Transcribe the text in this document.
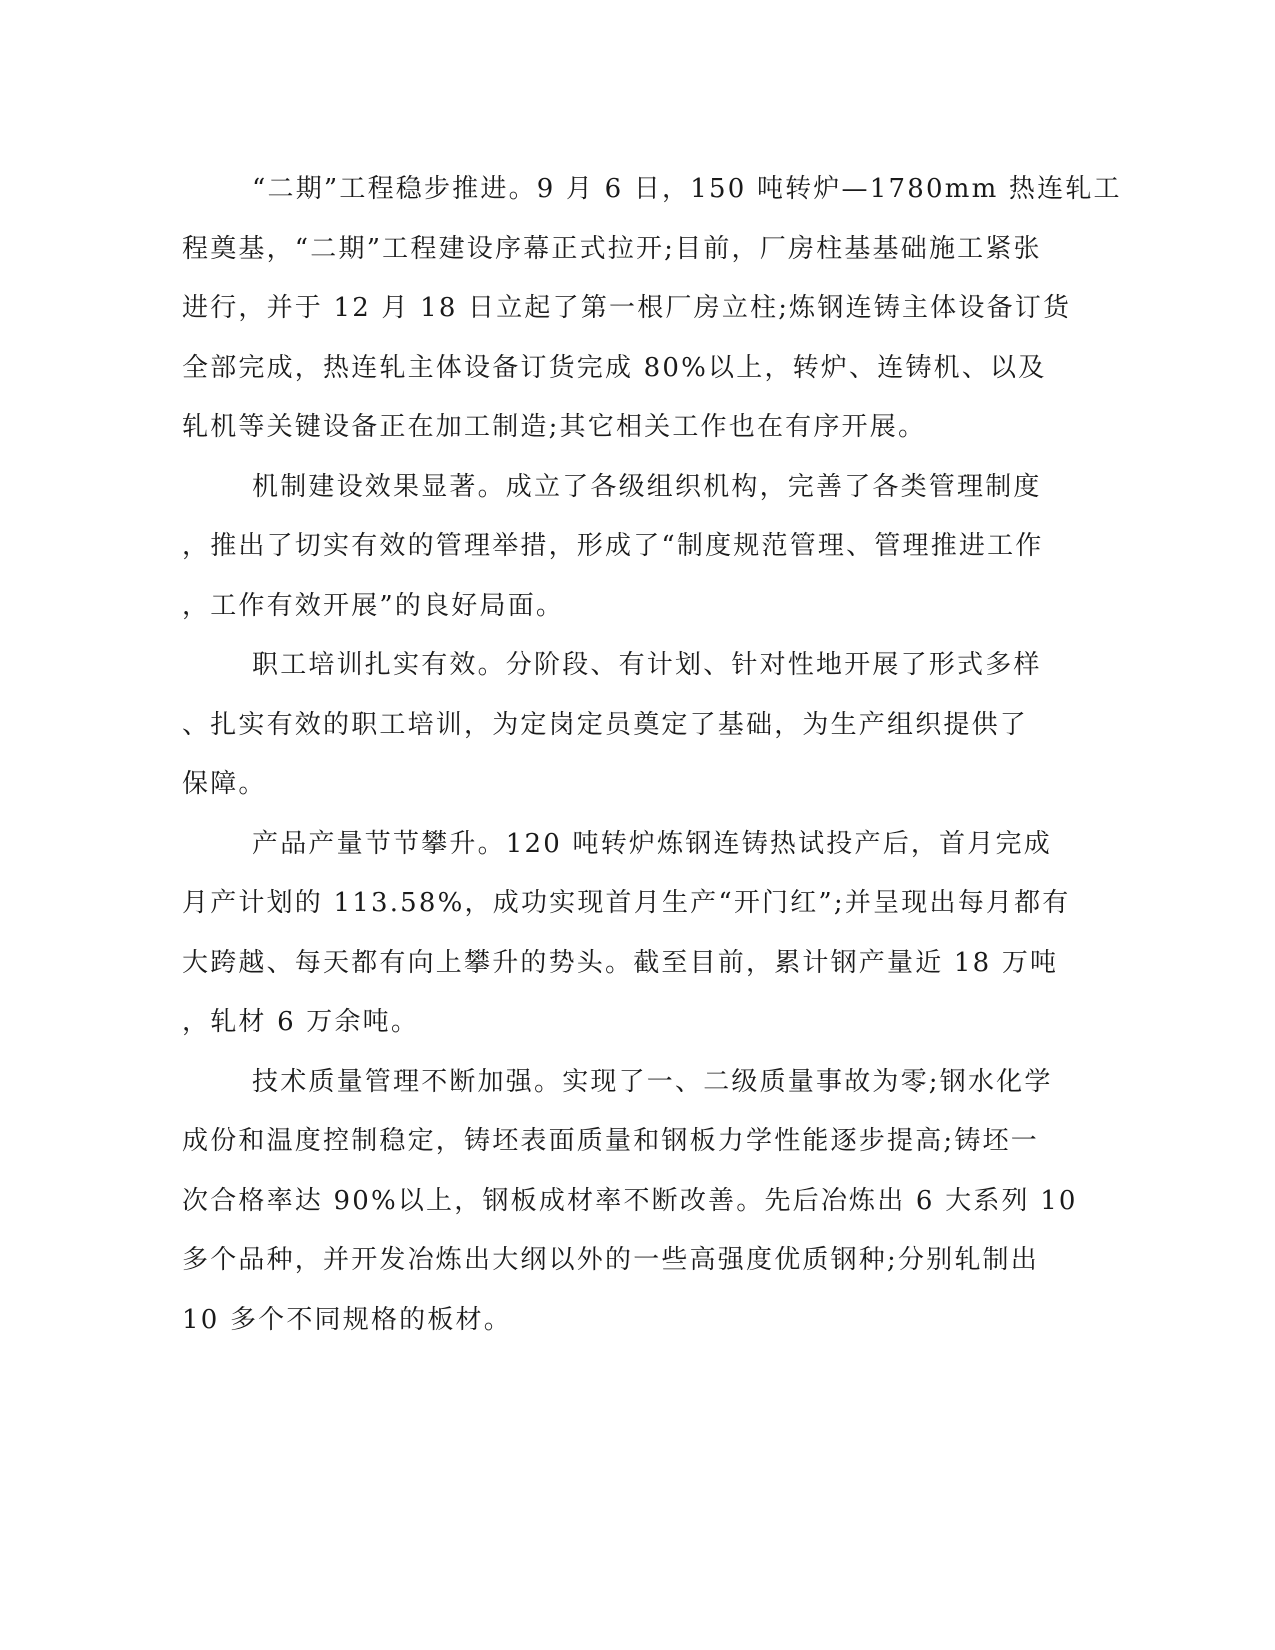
“二期”工程稳步推进。9 月 6 日，150 吨转炉—1780mm 热连轧工
程奠基，“二期”工程建设序幕正式拉开;目前，厂房柱基基础施工紧张
进行，并于 12 月 18 日立起了第一根厂房立柱;炼钢连铸主体设备订货
全部完成，热连轧主体设备订货完成 80%以上，转炉、连铸机、以及
轧机等关键设备正在加工制造;其它相关工作也在有序开展。
机制建设效果显著。成立了各级组织机构，完善了各类管理制度
，推出了切实有效的管理举措，形成了“制度规范管理、管理推进工作
，工作有效开展”的良好局面。
职工培训扎实有效。分阶段、有计划、针对性地开展了形式多样
、扎实有效的职工培训，为定岗定员奠定了基础，为生产组织提供了
保障。
产品产量节节攀升。120 吨转炉炼钢连铸热试投产后，首月完成
月产计划的 113.58%，成功实现首月生产“开门红”;并呈现出每月都有
大跨越、每天都有向上攀升的势头。截至目前，累计钢产量近 18 万吨
，轧材 6 万余吨。
技术质量管理不断加强。实现了一、二级质量事故为零;钢水化学
成份和温度控制稳定，铸坯表面质量和钢板力学性能逐步提高;铸坯一
次合格率达 90%以上，钢板成材率不断改善。先后冶炼出 6 大系列 10
多个品种，并开发冶炼出大纲以外的一些高强度优质钢种;分别轧制出
10 多个不同规格的板材。
